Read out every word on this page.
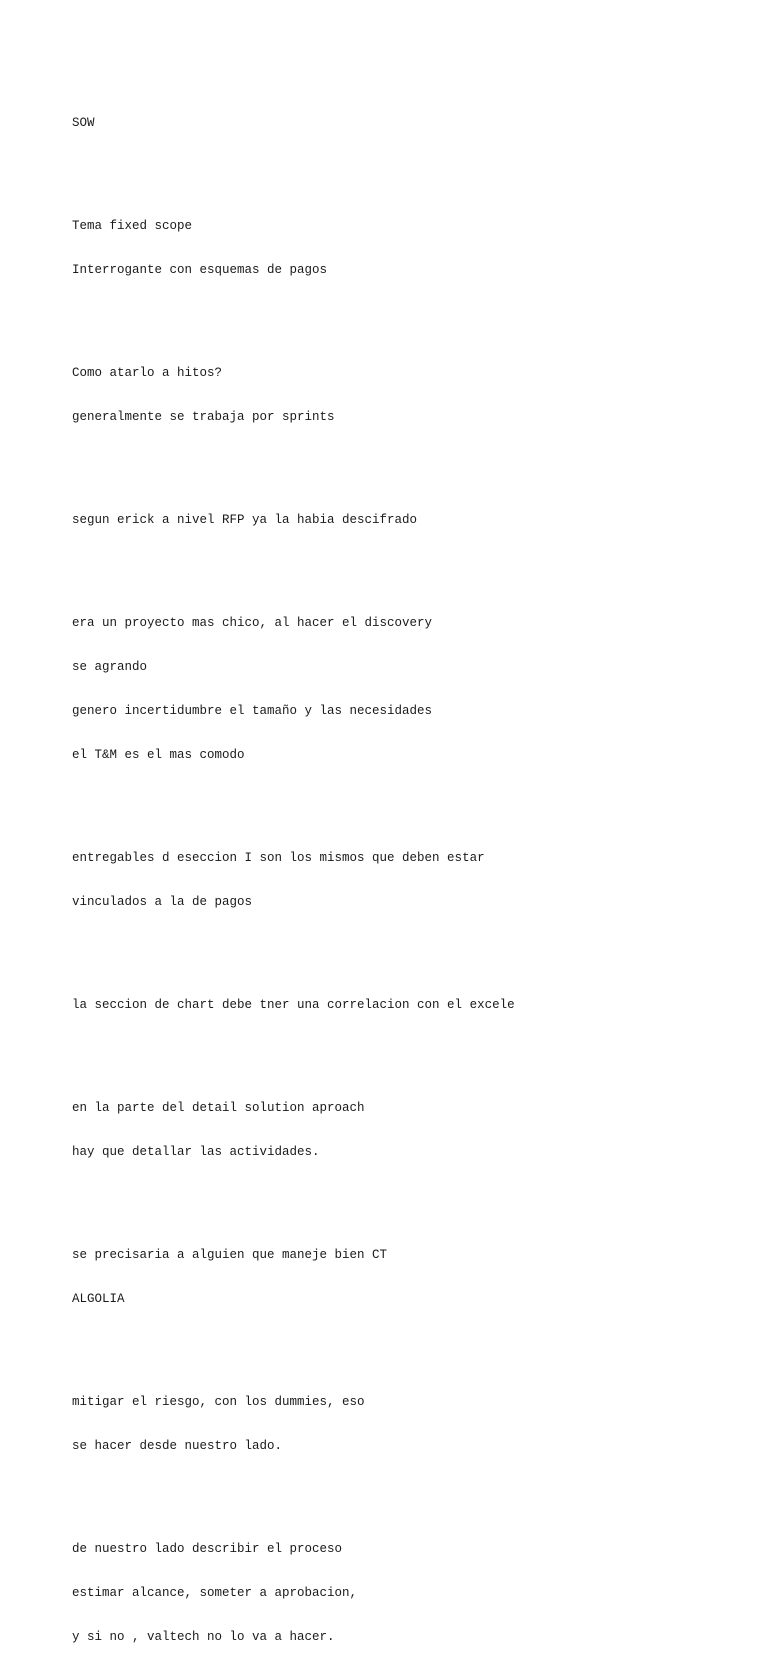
SOW

Tema fixed scope

Interrogante con esquemas de pagos

Como atarlo a hitos?

generalmente se trabaja por sprints

segun erick a nivel RFP ya la habia descifrado

era un proyecto mas chico, al hacer el discovery

se agrando

genero incertidumbre el tamaño y las necesidades

el T&M es el mas comodo

entregables d eseccion I son los mismos que deben estar

vinculados a la de pagos

la seccion de chart debe tner una correlacion con el excele

en la parte del detail solution aproach

hay que detallar las actividades.

se precisaria a alguien que maneje bien CT

ALGOLIA

mitigar el riesgo, con los dummies, eso

se hacer desde nuestro lado.

de nuestro lado describir el proceso

estimar alcance, someter a aprobacion,

y si no , valtech no lo va a hacer.
